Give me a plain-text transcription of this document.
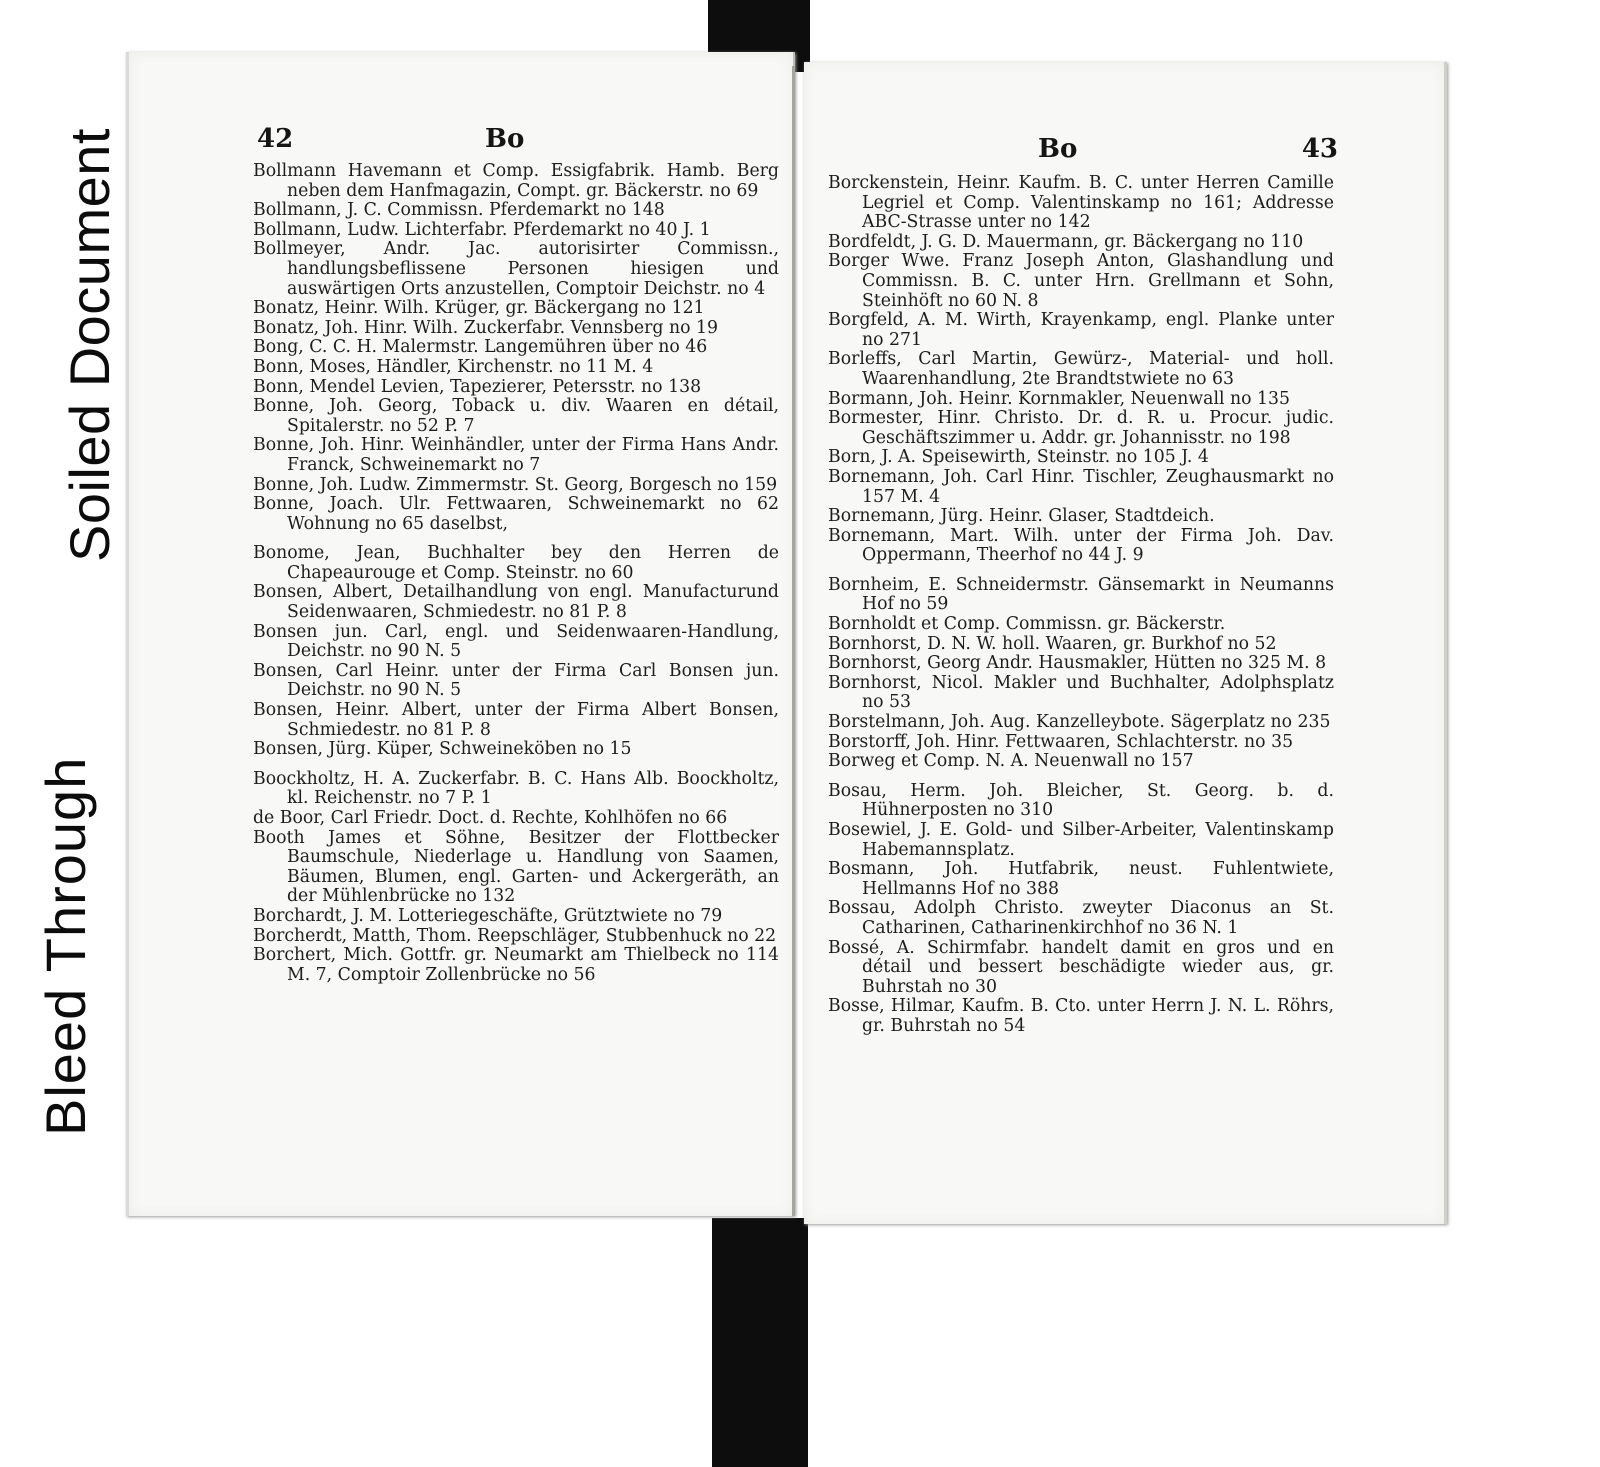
Bleed Through
Soiled Document	42	Bo
Bollmann Havemann et Comp. Essigfabrik. Hamb. Berg neben dem Hanfmagazin, Compt. gr. Bäckerstr. no 69
Bollmann, J. C. Commissn. Pferdemarkt no 148
Bollmann, Ludw. Lichterfabr. Pferdemarkt no 40 J. 1
Bollmeyer, Andr. Jac. autorisirter Commissn., handlungsbeflissene Personen hiesigen und auswärtigen Orts anzustellen, Comptoir Deichstr. no 4
Bonatz, Heinr. Wilh. Krüger, gr. Bäckergang no 121
Bonatz, Joh. Hinr. Wilh. Zuckerfabr. Vennsberg no 19
Bong, C. C. H. Malermstr. Langemühren über no 46
Bonn, Moses, Händler, Kirchenstr. no 11 M. 4
Bonn, Mendel Levien, Tapezierer, Petersstr. no 138
Bonne, Joh. Georg, Toback u. div. Waaren en détail, Spitalerstr. no 52 P. 7
Bonne, Joh. Hinr. Weinhändler, unter der Firma Hans Andr. Franck, Schweinemarkt no 7
Bonne, Joh. Ludw. Zimmermstr. St. Georg, Borgesch no 159
Bonne, Joach. Ulr. Fettwaaren, Schweinemarkt no 62 Wohnung no 65 daselbst,
Bonome, Jean, Buchhalter bey den Herren de Chapeaurouge et Comp. Steinstr. no 60
Bonsen, Albert, Detailhandlung von engl. Manufacturund Seidenwaaren, Schmiedestr. no 81 P. 8
Bonsen jun. Carl, engl. und Seidenwaaren-Handlung, Deichstr. no 90 N. 5
Bonsen, Carl Heinr. unter der Firma Carl Bonsen jun. Deichstr. no 90 N. 5
Bonsen, Heinr. Albert, unter der Firma Albert Bonsen, Schmiedestr. no 81 P. 8
Bonsen, Jürg. Küper, Schweineköben no 15
Boockholtz, H. A. Zuckerfabr. B. C. Hans Alb. Boockholtz, kl. Reichenstr. no 7 P. 1
de Boor, Carl Friedr. Doct. d. Rechte, Kohlhöfen no 66
Booth James et Söhne, Besitzer der Flottbecker Baumschule, Niederlage u. Handlung von Saamen, Bäumen, Blumen, engl. Garten- und Ackergeräth, an der Mühlenbrücke no 132
Borchardt, J. M. Lotteriegeschäfte, Grütztwiete no 79
Borcherdt, Matth, Thom. Reepschläger, Stubbenhuck no 22
Borchert, Mich. Gottfr. gr. Neumarkt am Thielbeck no 114 M. 7, Comptoir Zollenbrücke no 56
Bo	43
Borckenstein, Heinr. Kaufm. B. C. unter Herren Camille Legriel et Comp. Valentinskamp no 161; Addresse ABC-Strasse unter no 142
Bordfeldt, J. G. D. Mauermann, gr. Bäckergang no 110
Borger Wwe. Franz Joseph Anton, Glashandlung und Commissn. B. C. unter Hrn. Grellmann et Sohn, Steinhöft no 60 N. 8
Borgfeld, A. M. Wirth, Krayenkamp, engl. Planke unter no 271
Borleffs, Carl Martin, Gewürz-, Material- und holl. Waarenhandlung, 2te Brandtstwiete no 63
Bormann, Joh. Heinr. Kornmakler, Neuenwall no 135
Bormester, Hinr. Christo. Dr. d. R. u. Procur. judic. Geschäftszimmer u. Addr. gr. Johannisstr. no 198
Born, J. A. Speisewirth, Steinstr. no 105 J. 4
Bornemann, Joh. Carl Hinr. Tischler, Zeughausmarkt no 157 M. 4
Bornemann, Jürg. Heinr. Glaser, Stadtdeich.
Bornemann, Mart. Wilh. unter der Firma Joh. Dav. Oppermann, Theerhof no 44 J. 9
Bornheim, E. Schneidermstr. Gänsemarkt in Neumanns Hof no 59
Bornholdt et Comp. Commissn. gr. Bäckerstr.
Bornhorst, D. N. W. holl. Waaren, gr. Burkhof no 52
Bornhorst, Georg Andr. Hausmakler, Hütten no 325 M. 8
Bornhorst, Nicol. Makler und Buchhalter, Adolphsplatz no 53
Borstelmann, Joh. Aug. Kanzelleybote. Sägerplatz no 235
Borstorff, Joh. Hinr. Fettwaaren, Schlachterstr. no 35
Borweg et Comp. N. A. Neuenwall no 157
Bosau, Herm. Joh. Bleicher, St. Georg. b. d. Hühnerposten no 310
Bosewiel, J. E. Gold- und Silber-Arbeiter, Valentinskamp Habemannsplatz.
Bosmann, Joh. Hutfabrik, neust. Fuhlentwiete, Hellmanns Hof no 388
Bossau, Adolph Christo. zweyter Diaconus an St. Catharinen, Catharinenkirchhof no 36 N. 1
Bossé, A. Schirmfabr. handelt damit en gros und en détail und bessert beschädigte wieder aus, gr. Buhrstah no 30
Bosse, Hilmar, Kaufm. B. Cto. unter Herrn J. N. L. Röhrs, gr. Buhrstah no 54
